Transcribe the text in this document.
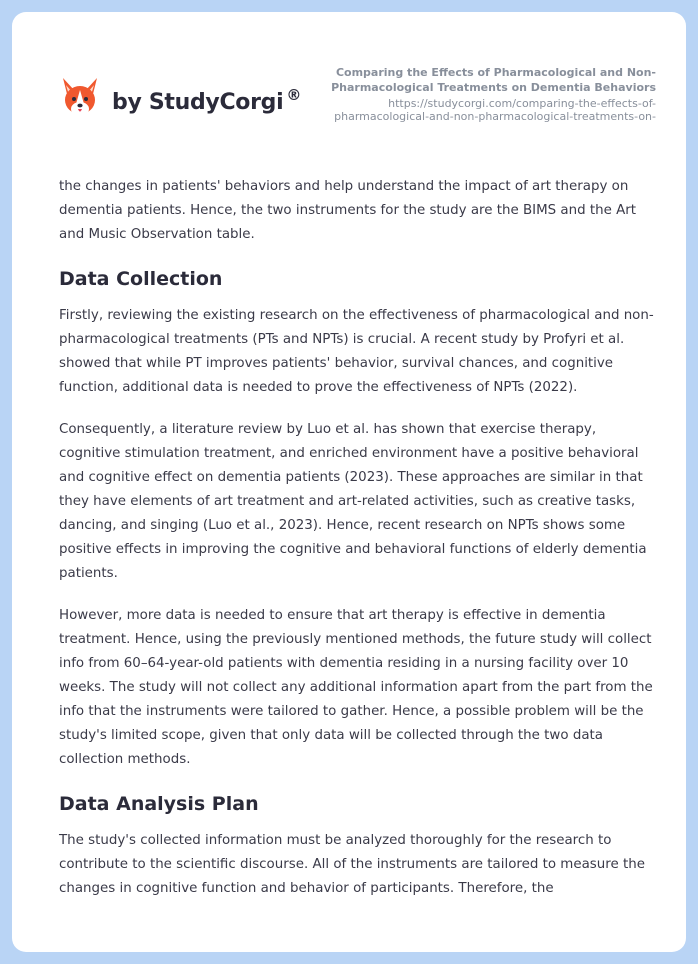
by StudyCorgi ®
Comparing the Effects of Pharmacological and Non-Pharmacological Treatments on Dementia Behaviors
https://studycorgi.com/comparing-the-effects-of-pharmacological-and-non-pharmacological-treatments-on-

the changes in patients' behaviors and help understand the impact of art therapy on dementia patients. Hence, the two instruments for the study are the BIMS and the Art and Music Observation table.

Data Collection

Firstly, reviewing the existing research on the effectiveness of pharmacological and non-pharmacological treatments (PTs and NPTs) is crucial. A recent study by Profyri et al. showed that while PT improves patients' behavior, survival chances, and cognitive function, additional data is needed to prove the effectiveness of NPTs (2022).

Consequently, a literature review by Luo et al. has shown that exercise therapy, cognitive stimulation treatment, and enriched environment have a positive behavioral and cognitive effect on dementia patients (2023). These approaches are similar in that they have elements of art treatment and art-related activities, such as creative tasks, dancing, and singing (Luo et al., 2023). Hence, recent research on NPTs shows some positive effects in improving the cognitive and behavioral functions of elderly dementia patients.

However, more data is needed to ensure that art therapy is effective in dementia treatment. Hence, using the previously mentioned methods, the future study will collect info from 60–64-year-old patients with dementia residing in a nursing facility over 10 weeks. The study will not collect any additional information apart from the part from the info that the instruments were tailored to gather. Hence, a possible problem will be the study's limited scope, given that only data will be collected through the two data collection methods.

Data Analysis Plan

The study's collected information must be analyzed thoroughly for the research to contribute to the scientific discourse. All of the instruments are tailored to measure the changes in cognitive function and behavior of participants. Therefore, the
